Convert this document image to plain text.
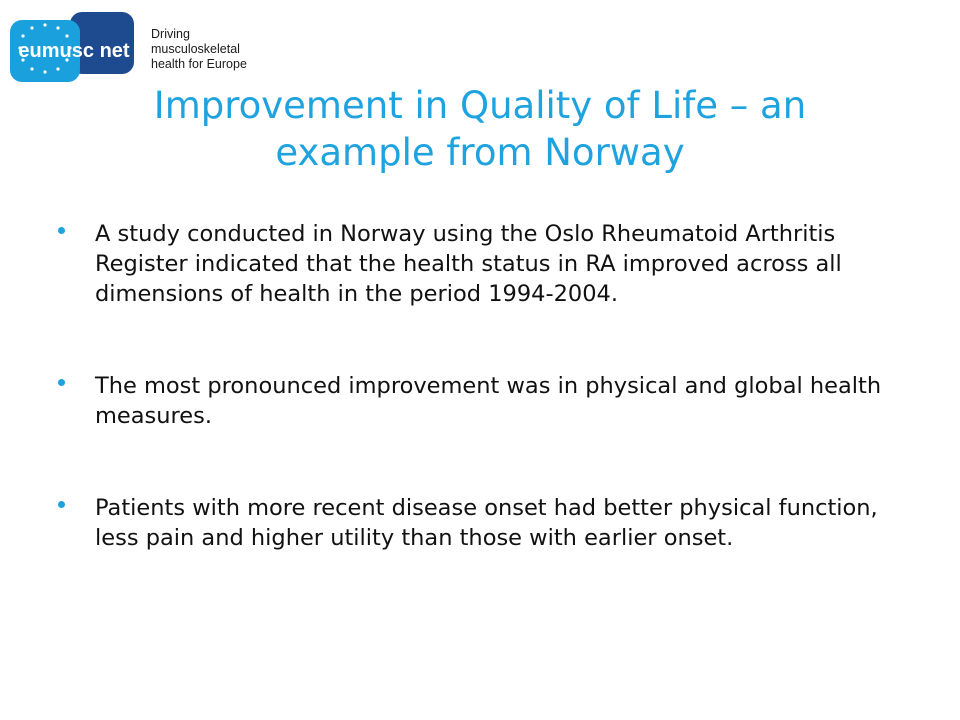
eumusc net
Driving musculoskeletal
health for Europe
Improvement in Quality of Life – an
example from Norway
A study conducted in Norway using the Oslo Rheumatoid Arthritis Register indicated that the health status in RA improved across all dimensions of health in the period 1994-2004.
The most pronounced improvement was in physical and global health measures.
Patients with more recent disease onset had better physical function, less pain and higher utility than those with earlier onset.
